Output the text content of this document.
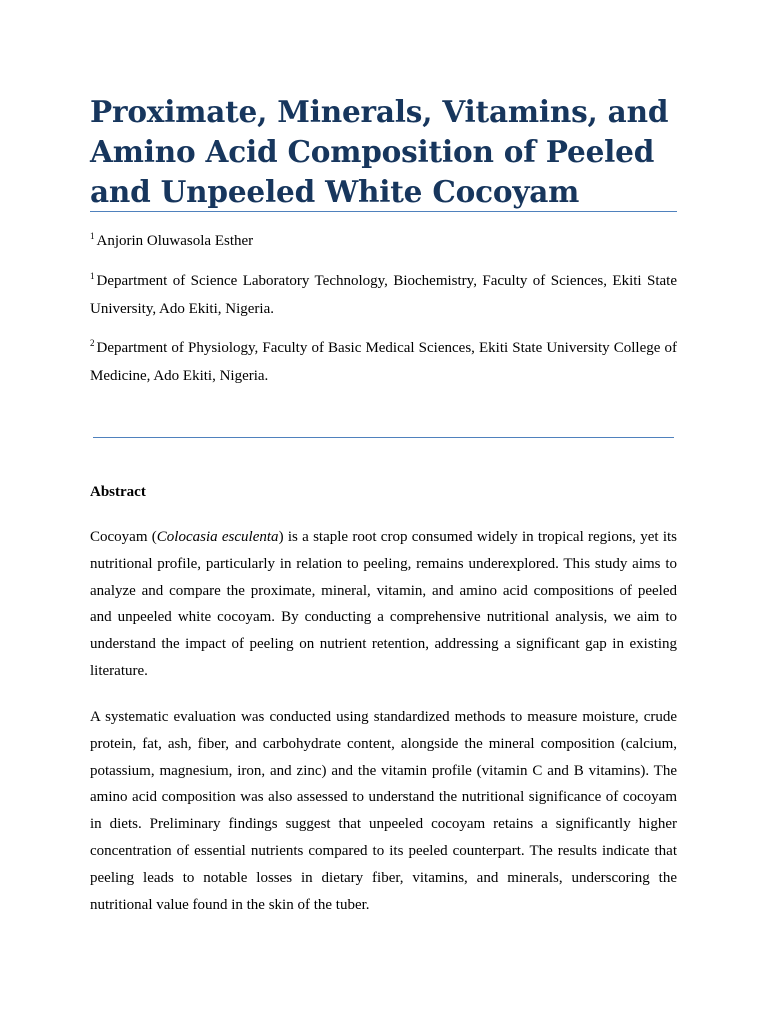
Proximate, Minerals, Vitamins, and
Amino Acid Composition of Peeled
and Unpeeled White Cocoyam

$^1$ Anjorin Oluwasola Esther

$^1$ Department of Science Laboratory Technology, Biochemistry, Faculty of Sciences, Ekiti State
University, Ado Ekiti, Nigeria.

$^2$ Department of Physiology, Faculty of Basic Medical Sciences, Ekiti State University College of
Medicine, Ado Ekiti, Nigeria.

Abstract

Cocoyam (Colocasia esculenta) is a staple root crop consumed widely in tropical regions, yet its
nutritional profile, particularly in relation to peeling, remains underexplored. This study aims to
analyze and compare the proximate, mineral, vitamin, and amino acid compositions of peeled
and unpeeled white cocoyam. By conducting a comprehensive nutritional analysis, we aim to
understand the impact of peeling on nutrient retention, addressing a significant gap in existing
literature.

A systematic evaluation was conducted using standardized methods to measure moisture, crude
protein, fat, ash, fiber, and carbohydrate content, alongside the mineral composition (calcium,
potassium, magnesium, iron, and zinc) and the vitamin profile (vitamin C and B vitamins). The
amino acid composition was also assessed to understand the nutritional significance of cocoyam
in diets. Preliminary findings suggest that unpeeled cocoyam retains a significantly higher
concentration of essential nutrients compared to its peeled counterpart. The results indicate that
peeling leads to notable losses in dietary fiber, vitamins, and minerals, underscoring the
nutritional value found in the skin of the tuber.
